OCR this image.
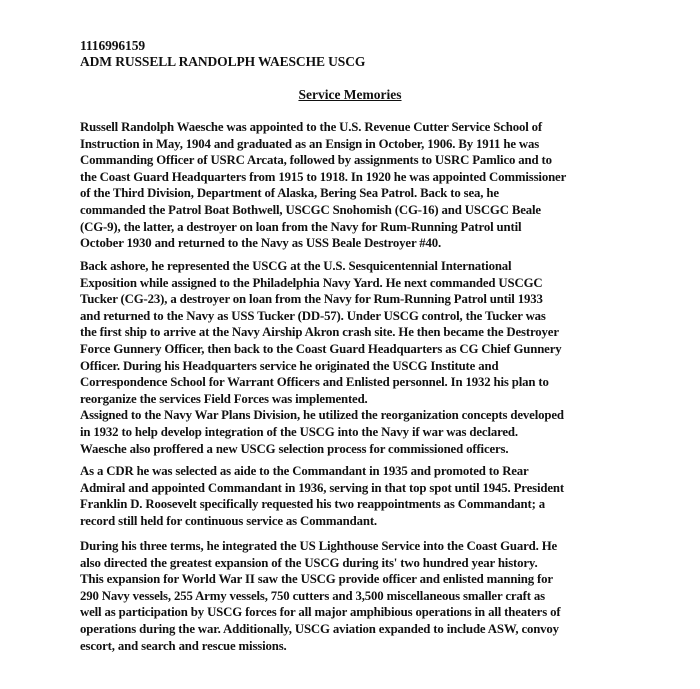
1116996159
ADM RUSSELL RANDOLPH WAESCHE USCG
Service Memories
Russell Randolph Waesche was appointed to the U.S. Revenue Cutter Service School of
Instruction in May, 1904 and graduated as an Ensign in October, 1906. By 1911 he was
Commanding Officer of USRC Arcata, followed by assignments to USRC Pamlico and to
the Coast Guard Headquarters from 1915 to 1918. In 1920 he was appointed Commissioner
of the Third Division, Department of Alaska, Bering Sea Patrol. Back to sea, he
commanded the Patrol Boat Bothwell, USCGC Snohomish (CG-16) and USCGC Beale
(CG-9), the latter, a destroyer on loan from the Navy for Rum-Running Patrol until
October 1930 and returned to the Navy as USS Beale Destroyer #40.
Back ashore, he represented the USCG at the U.S. Sesquicentennial International
Exposition while assigned to the Philadelphia Navy Yard. He next commanded USCGC
Tucker (CG-23), a destroyer on loan from the Navy for Rum-Running Patrol until 1933
and returned to the Navy as USS Tucker (DD-57). Under USCG control, the Tucker was
the first ship to arrive at the Navy Airship Akron crash site. He then became the Destroyer
Force Gunnery Officer, then back to the Coast Guard Headquarters as CG Chief Gunnery
Officer. During his Headquarters service he originated the USCG Institute and
Correspondence School for Warrant Officers and Enlisted personnel. In 1932 his plan to
reorganize the services Field Forces was implemented.
Assigned to the Navy War Plans Division, he utilized the reorganization concepts developed
in 1932 to help develop integration of the USCG into the Navy if war was declared.
Waesche also proffered a new USCG selection process for commissioned officers.
As a CDR he was selected as aide to the Commandant in 1935 and promoted to Rear
Admiral and appointed Commandant in 1936, serving in that top spot until 1945. President
Franklin D. Roosevelt specifically requested his two reappointments as Commandant; a
record still held for continuous service as Commandant.
During his three terms, he integrated the US Lighthouse Service into the Coast Guard. He
also directed the greatest expansion of the USCG during its' two hundred year history.
This expansion for World War II saw the USCG provide officer and enlisted manning for
290 Navy vessels, 255 Army vessels, 750 cutters and 3,500 miscellaneous smaller craft as
well as participation by USCG forces for all major amphibious operations in all theaters of
operations during the war. Additionally, USCG aviation expanded to include ASW, convoy
escort, and search and rescue missions.
